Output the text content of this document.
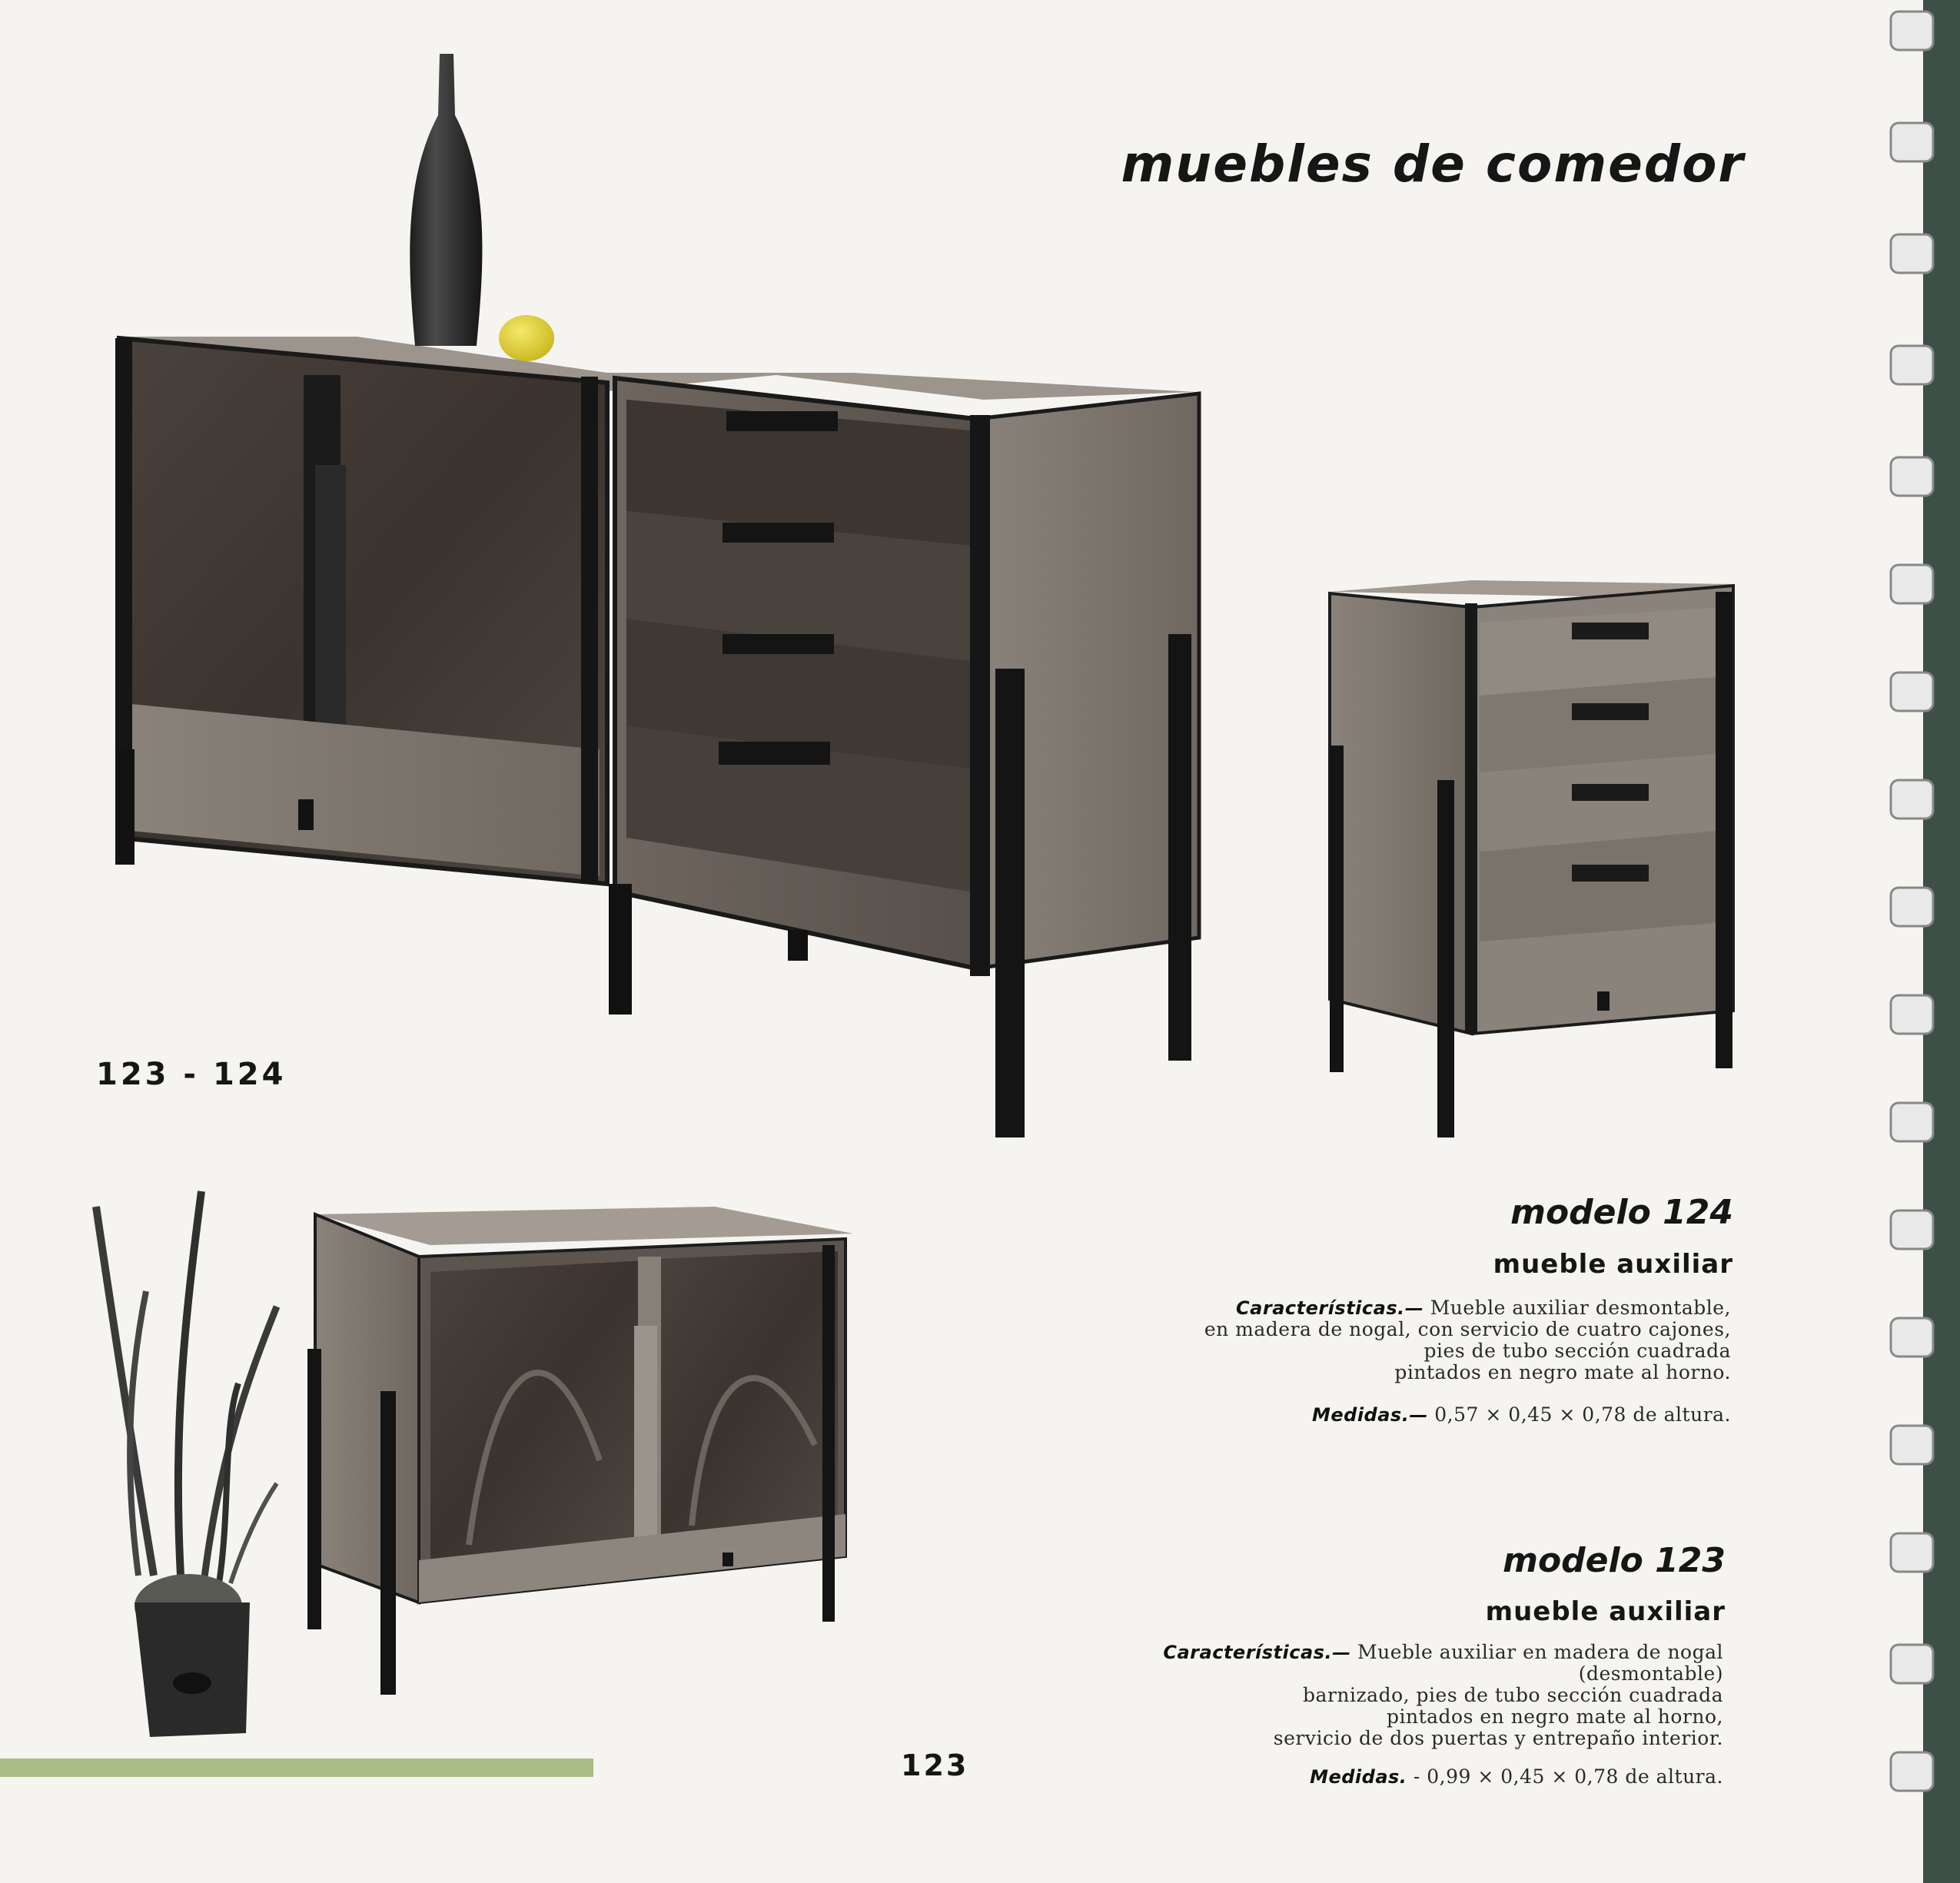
muebles de comedor
123 - 124
modelo 124
mueble auxiliar

Características.— Mueble auxiliar desmontable,

en madera de nogal, con servicio de cuatro cajones,

pies de tubo sección cuadrada

pintados en negro mate al horno.

Medidas.— 0,57 × 0,45 × 0,78 de altura.
modelo 123
mueble auxiliar

Características.— Mueble auxiliar en madera de nogal

(desmontable)

barnizado, pies de tubo sección cuadrada

pintados en negro mate al horno,

servicio de dos puertas y entrepaño interior.

Medidas. - 0,99 × 0,45 × 0,78 de altura.
123
